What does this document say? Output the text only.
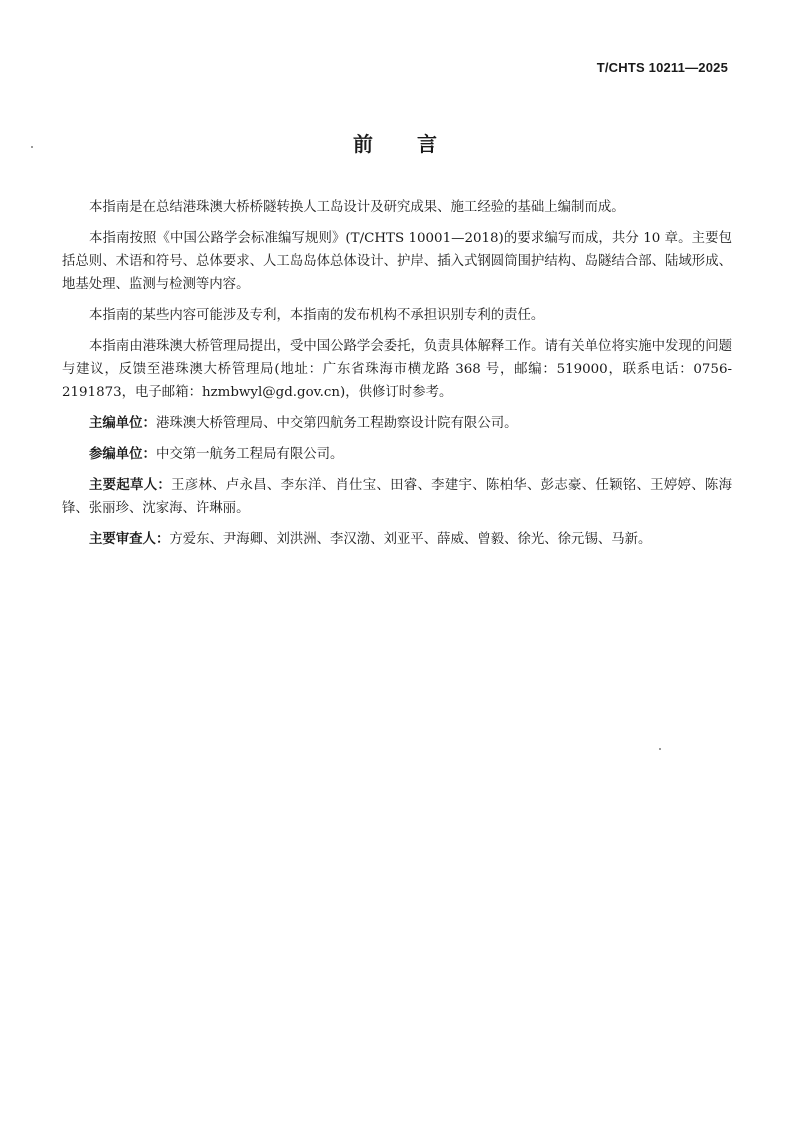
T/CHTS 10211—2025
前言

本指南是在总结港珠澳大桥桥隧转换人工岛设计及研究成果、施工经验的基础上编制而成。

本指南按照《中国公路学会标准编写规则》(T/CHTS 10001—2018)的要求编写而成，共分 10 章。主要包括总则、术语和符号、总体要求、人工岛岛体总体设计、护岸、插入式钢圆筒围护结构、岛隧结合部、陆域形成、地基处理、监测与检测等内容。

本指南的某些内容可能涉及专利，本指南的发布机构不承担识别专利的责任。

本指南由港珠澳大桥管理局提出，受中国公路学会委托，负责具体解释工作。请有关单位将实施中发现的问题与建议，反馈至港珠澳大桥管理局(地址：广东省珠海市横龙路 368 号，邮编：519000，联系电话：0756-2191873，电子邮箱：hzmbwyl@gd.gov.cn)，供修订时参考。

主编单位：港珠澳大桥管理局、中交第四航务工程勘察设计院有限公司。

参编单位：中交第一航务工程局有限公司。

主要起草人：王彦林、卢永昌、李东洋、肖仕宝、田睿、李建宇、陈柏华、彭志豪、任颖铭、王婷婷、陈海锋、张丽珍、沈家海、许琳丽。

主要审查人：方爱东、尹海卿、刘洪洲、李汉渤、刘亚平、薛威、曾毅、徐光、徐元锡、马新。
